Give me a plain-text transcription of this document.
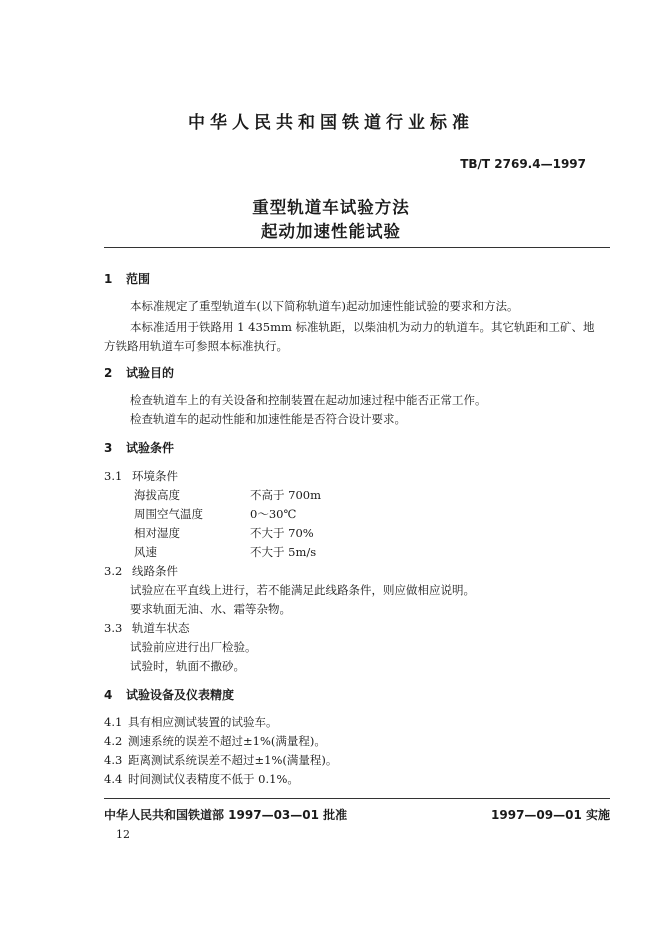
中华人民共和国铁道行业标准
TB/T 2769.4—1997
重型轨道车试验方法
起动加速性能试验
1 范围
本标准规定了重型轨道车(以下简称轨道车)起动加速性能试验的要求和方法。
本标准适用于铁路用 1 435mm 标准轨距，以柴油机为动力的轨道车。其它轨距和工矿、地
方铁路用轨道车可参照本标准执行。
2 试验目的
检查轨道车上的有关设备和控制装置在起动加速过程中能否正常工作。
检查轨道车的起动性能和加速性能是否符合设计要求。
3 试验条件
3.1 环境条件
海拔高度	不高于 700m
周围空气温度	0～30℃
相对湿度	不大于 70%
风速	不大于 5m/s
3.2 线路条件
试验应在平直线上进行，若不能满足此线路条件，则应做相应说明。
要求轨面无油、水、霜等杂物。
3.3 轨道车状态
试验前应进行出厂检验。
试验时，轨面不撒砂。
4 试验设备及仪表精度
4.1 具有相应测试装置的试验车。
4.2 测速系统的误差不超过±1%(满量程)。
4.3 距离测试系统误差不超过±1%(满量程)。
4.4 时间测试仪表精度不低于 0.1%。
中华人民共和国铁道部 1997—03—01 批准	1997—09—01 实施
12
